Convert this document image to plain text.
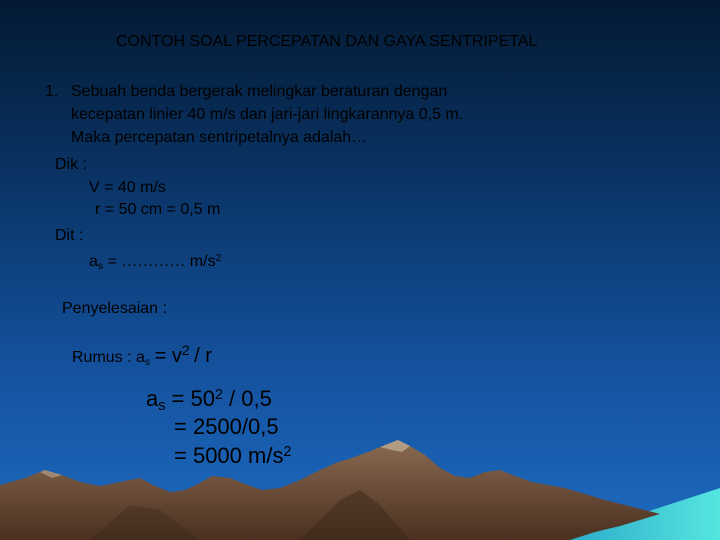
CONTOH SOAL PERCEPATAN DAN GAYA SENTRIPETAL
1. Sebuah benda bergerak melingkar beraturan dengan
kecepatan linier 40 m/s dan jari-jari lingkarannya 0,5 m.
Maka percepatan sentripetalnya adalah…
Dik :
V = 40 m/s
r = 50 cm = 0,5 m
Dit :
$a_s$ = ………… $m/s^2$
Penyelesaian :
Rumus : $a_s = v^2 / r$
$a_s = 50^2 / 0,5$
= 2500/0,5
= 5000 $m/s^2$
